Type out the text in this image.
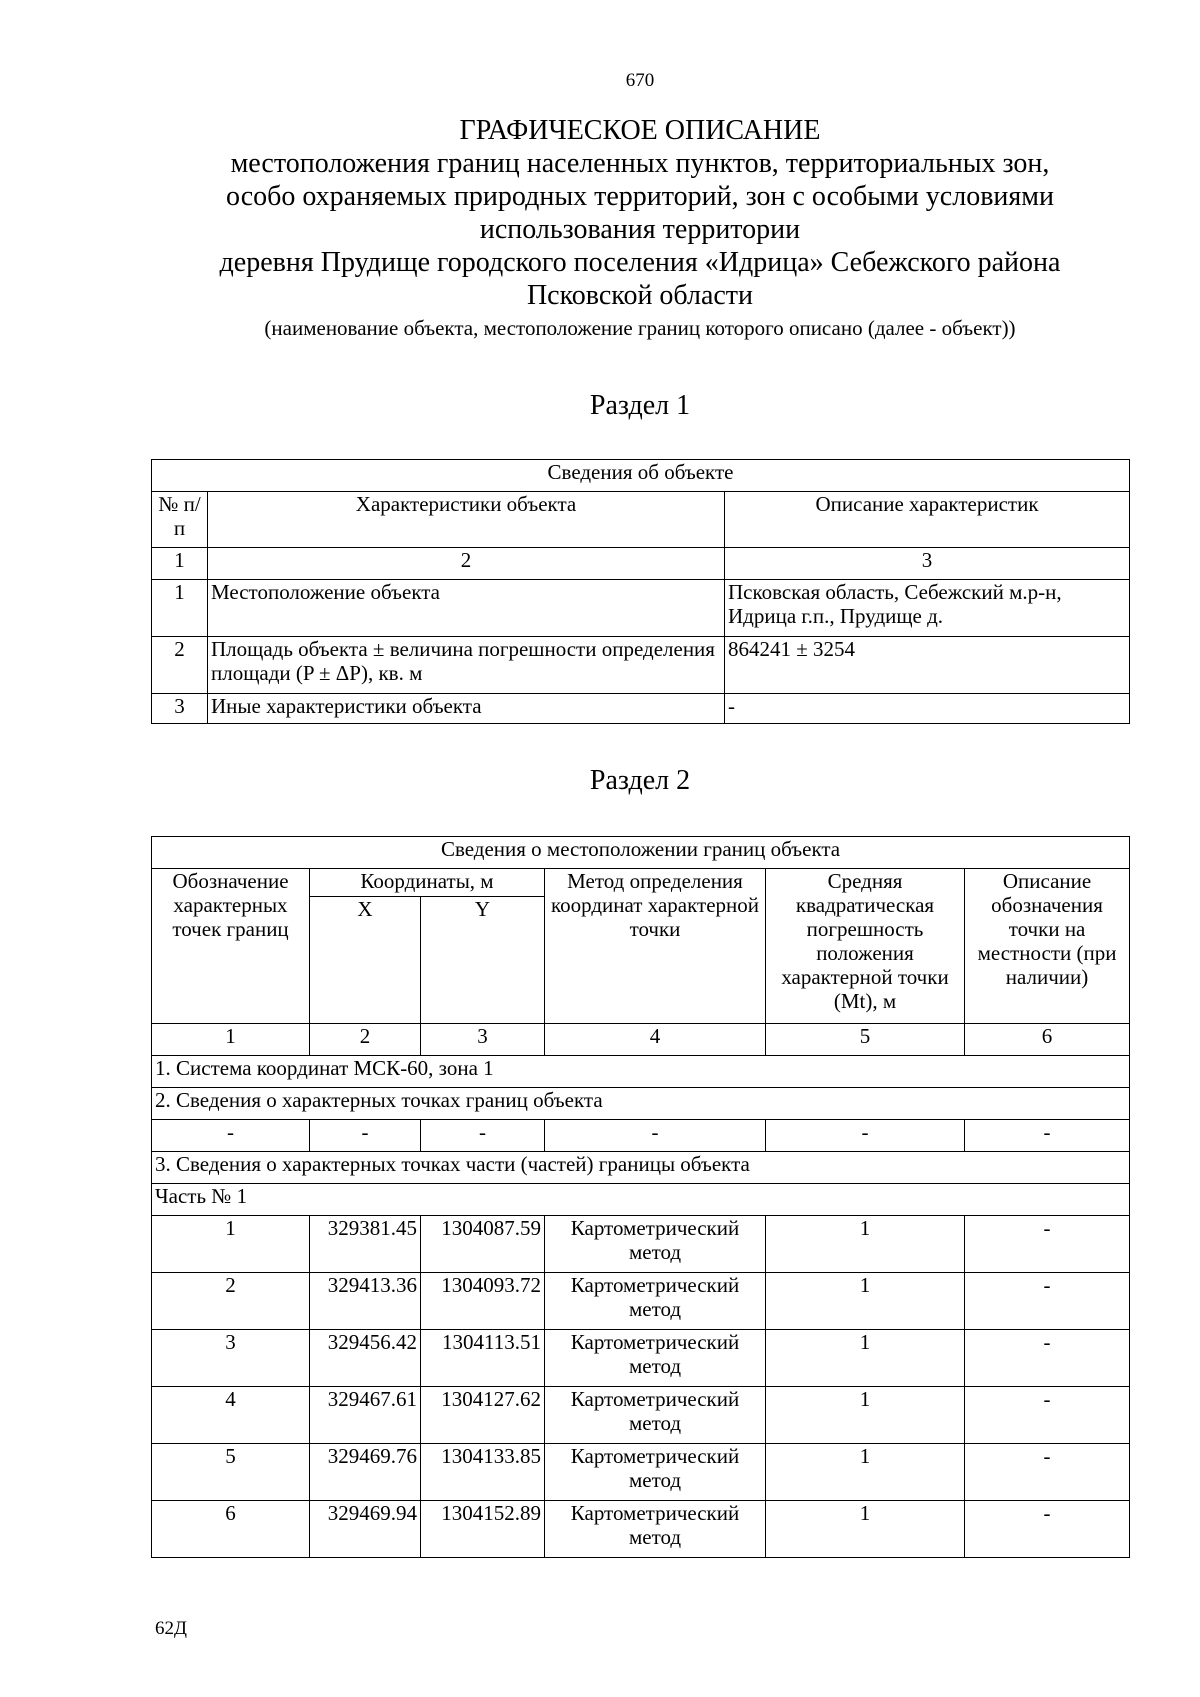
670
ГРАФИЧЕСКОЕ ОПИСАНИЕ
местоположения границ населенных пунктов, территориальных зон,
особо охраняемых природных территорий, зон с особыми условиями
использования территории
деревня Прудище городского поселения «Идрица» Себежского района
Псковской области
(наименование объекта, местоположение границ которого описано (далее - объект))
Раздел 1
Сведения об объекте		
№ п/п	Характеристики объекта	Описание характеристик
1	2	3
1	Местоположение объекта	Псковская область, Себежский м.р-н, Идрица г.п., Прудище д.
2	Площадь объекта ± величина погрешности определения площади (P ± ΔP), кв. м	864241 ± 3254
3	Иные характеристики объекта	-
Раздел 2
Сведения о местоположении границ объекта					
Обозначение характерных точек границ	Координаты, м		Метод определения координат характерной точки	Средняя квадратическая погрешность положения характерной точки (Mt), м	Описание обозначения точки на местности (при наличии)
	X	Y			
1	2	3	4	5	6
1. Система координат МСК-60, зона 1					
2. Сведения о характерных точках границ объекта					
-	-	-	-	-	-
3. Сведения о характерных точках части (частей) границы объекта					
Часть № 1					
1	329381.45	1304087.59	Картометрический метод	1	-
2	329413.36	1304093.72	Картометрический метод	1	-
3	329456.42	1304113.51	Картометрический метод	1	-
4	329467.61	1304127.62	Картометрический метод	1	-
5	329469.76	1304133.85	Картометрический метод	1	-
6	329469.94	1304152.89	Картометрический метод	1	-
62Д
